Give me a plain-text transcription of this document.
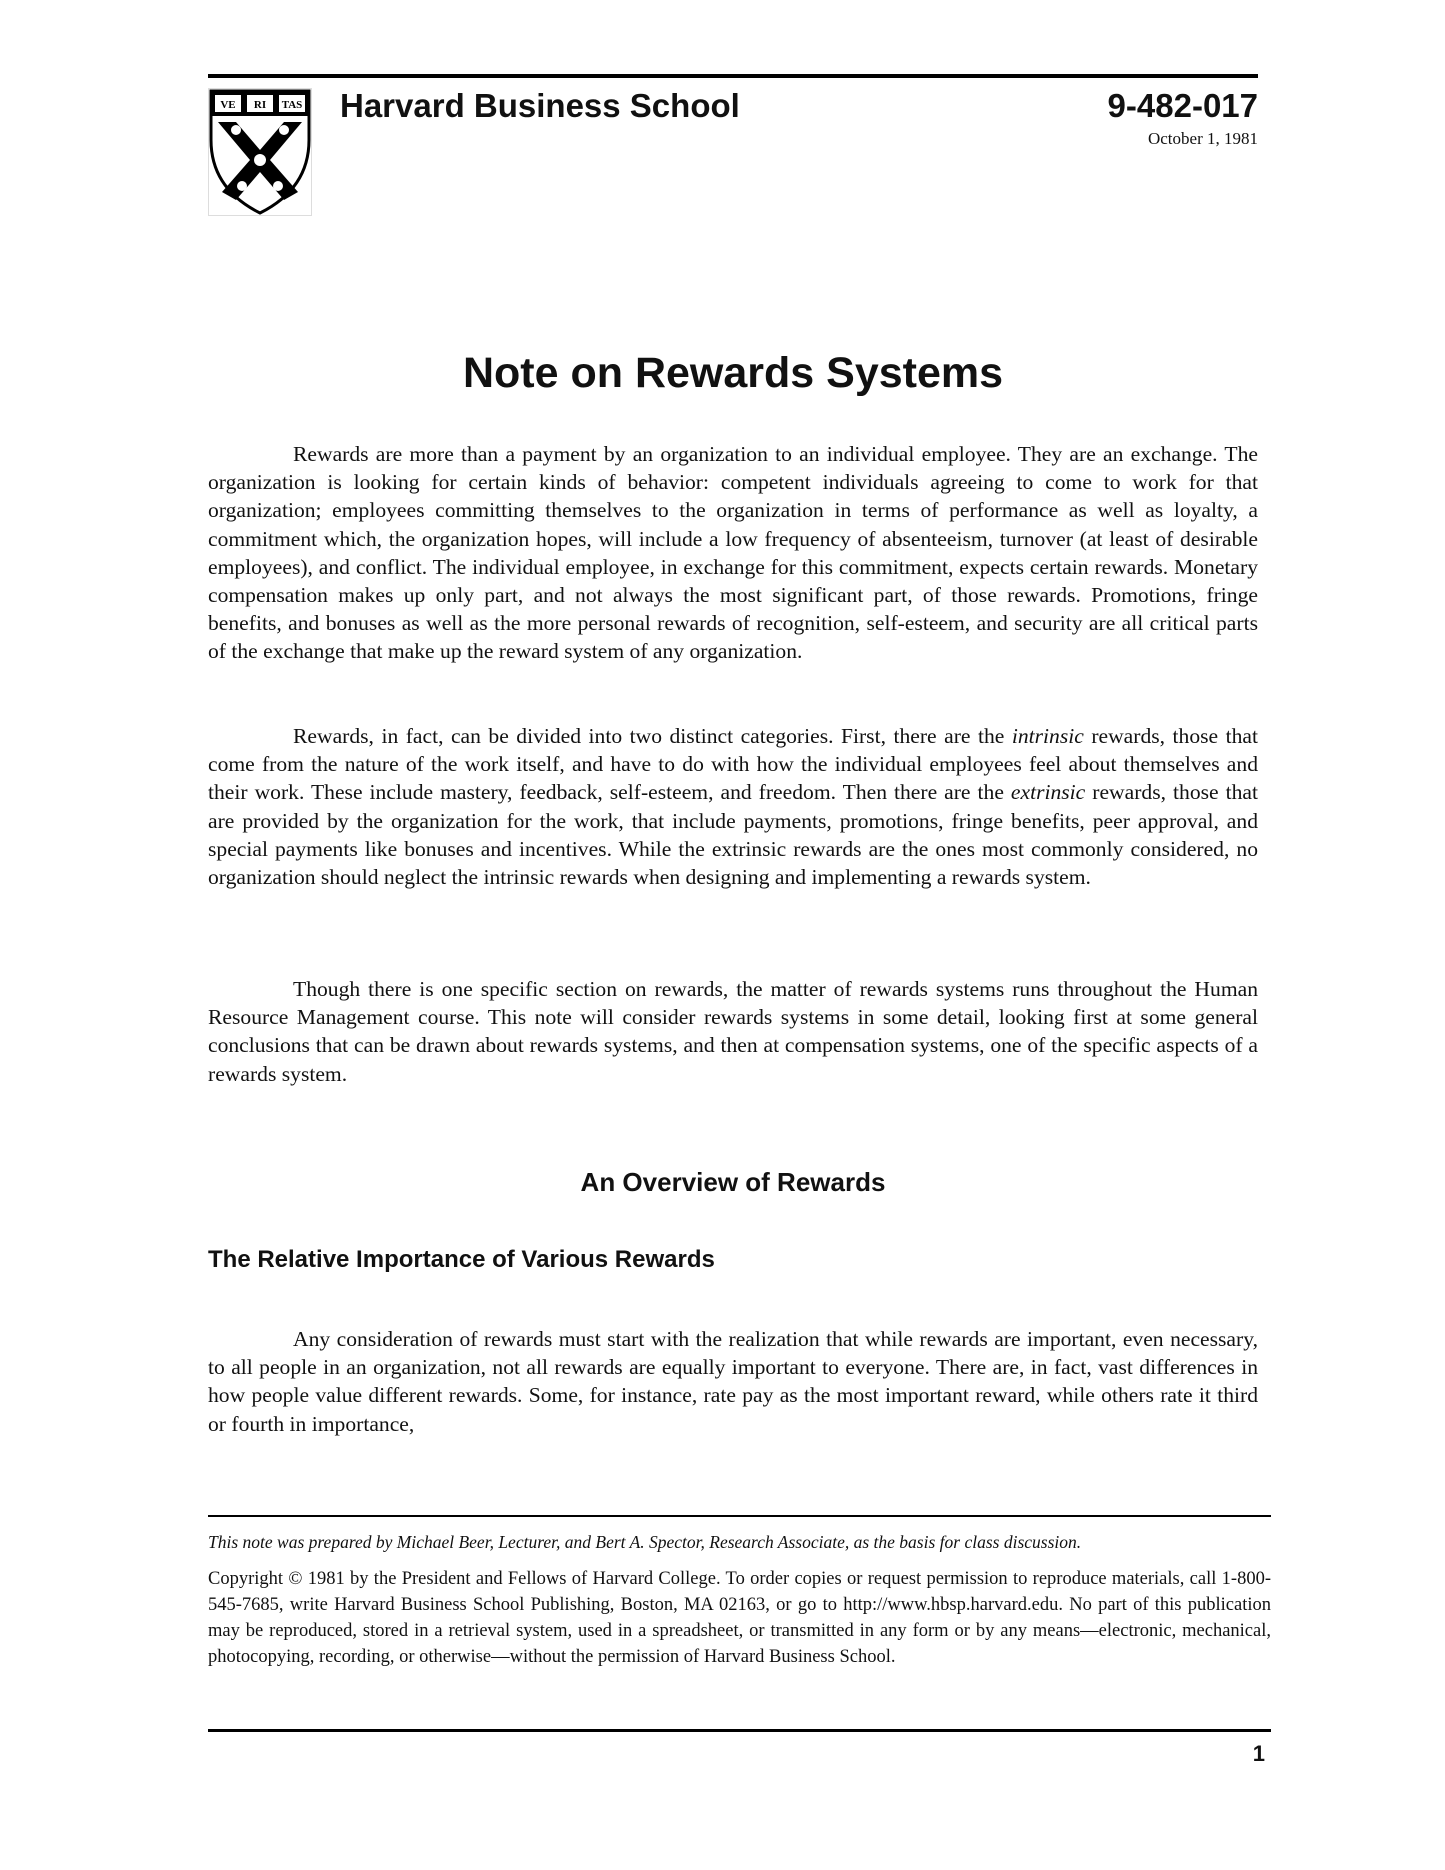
VE RI TAS Harvard Business School	9-482-017
October 1, 1981
Note on Rewards Systems

Rewards are more than a payment by an organization to an individual employee. They are an exchange. The organization is looking for certain kinds of behavior: competent individuals agreeing to come to work for that organization; employees committing themselves to the organization in terms of performance as well as loyalty, a commitment which, the organization hopes, will include a low frequency of absenteeism, turnover (at least of desirable employees), and conflict. The individual employee, in exchange for this commitment, expects certain rewards. Monetary compensation makes up only part, and not always the most significant part, of those rewards. Promotions, fringe benefits, and bonuses as well as the more personal rewards of recognition, self-esteem, and security are all critical parts of the exchange that make up the reward system of any organization.

Rewards, in fact, can be divided into two distinct categories. First, there are the intrinsic rewards, those that come from the nature of the work itself, and have to do with how the individual employees feel about themselves and their work. These include mastery, feedback, self-esteem, and freedom. Then there are the extrinsic rewards, those that are provided by the organization for the work, that include payments, promotions, fringe benefits, peer approval, and special payments like bonuses and incentives. While the extrinsic rewards are the ones most commonly considered, no organization should neglect the intrinsic rewards when designing and implementing a rewards system.

Though there is one specific section on rewards, the matter of rewards systems runs throughout the Human Resource Management course. This note will consider rewards systems in some detail, looking first at some general conclusions that can be drawn about rewards systems, and then at compensation systems, one of the specific aspects of a rewards system.

An Overview of Rewards
The Relative Importance of Various Rewards

Any consideration of rewards must start with the realization that while rewards are important, even necessary, to all people in an organization, not all rewards are equally important to everyone. There are, in fact, vast differences in how people value different rewards. Some, for instance, rate pay as the most important reward, while others rate it third or fourth in importance,

This note was prepared by Michael Beer, Lecturer, and Bert A. Spector, Research Associate, as the basis for class discussion.
Copyright © 1981 by the President and Fellows of Harvard College. To order copies or request permission to reproduce materials, call 1-800-545-7685, write Harvard Business School Publishing, Boston, MA 02163, or go to http://www.hbsp.harvard.edu. No part of this publication may be reproduced, stored in a retrieval system, used in a spreadsheet, or transmitted in any form or by any means—electronic, mechanical, photocopying, recording, or otherwise—without the permission of Harvard Business School.
1
